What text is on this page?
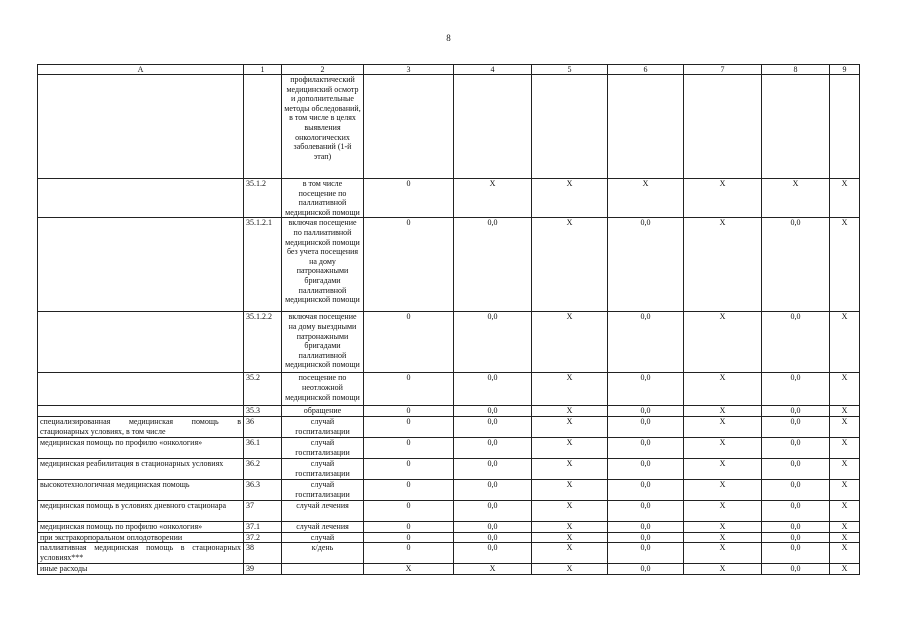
8
А	1	2	3	4	5	6	7	8	9
		профилактический медицинский осмотр и дополнительные методы обследований, в том числе в целях выявления онкологических заболеваний (1-й этап)							
	35.1.2	в том числе посещение по паллиативной медицинской помощи	0	Х	Х	Х	Х	Х	Х
	35.1.2.1	включая посещение по паллиативной медицинской помощи без учета посещения на дому патронажными бригадами паллиативной медицинской помощи	0	0,0	Х	0,0	Х	0,0	Х
	35.1.2.2	включая посещение на дому выездными патронажными бригадами паллиативной медицинской помощи	0	0,0	Х	0,0	Х	0,0	Х
	35.2	посещение по неотложной медицинской помощи	0	0,0	Х	0,0	Х	0,0	Х
	35.3	обращение	0	0,0	Х	0,0	Х	0,0	Х
специализированная медицинская помощь в стационарных условиях, в том числе	36	случай госпитализации	0	0,0	Х	0,0	Х	0,0	Х
медицинская помощь по профилю «онкология»	36.1	случай госпитализации	0	0,0	Х	0,0	Х	0,0	Х
медицинская реабилитация в стационарных условиях	36.2	случай госпитализации	0	0,0	Х	0,0	Х	0,0	Х
высокотехнологичная медицинская помощь	36.3	случай госпитализации	0	0,0	Х	0,0	Х	0,0	Х
медицинская помощь в условиях дневного стационара	37	случай лечения	0	0,0	Х	0,0	Х	0,0	Х
медицинская помощь по профилю «онкология»	37.1	случай лечения	0	0,0	Х	0,0	Х	0,0	Х
при экстракорпоральном оплодотворении	37.2	случай	0	0,0	Х	0,0	Х	0,0	Х
паллиативная медицинская помощь в стационарных условиях***	38	к/день	0	0,0	Х	0,0	Х	0,0	Х
иные расходы	39		Х	Х	Х	0,0	Х	0,0	Х
